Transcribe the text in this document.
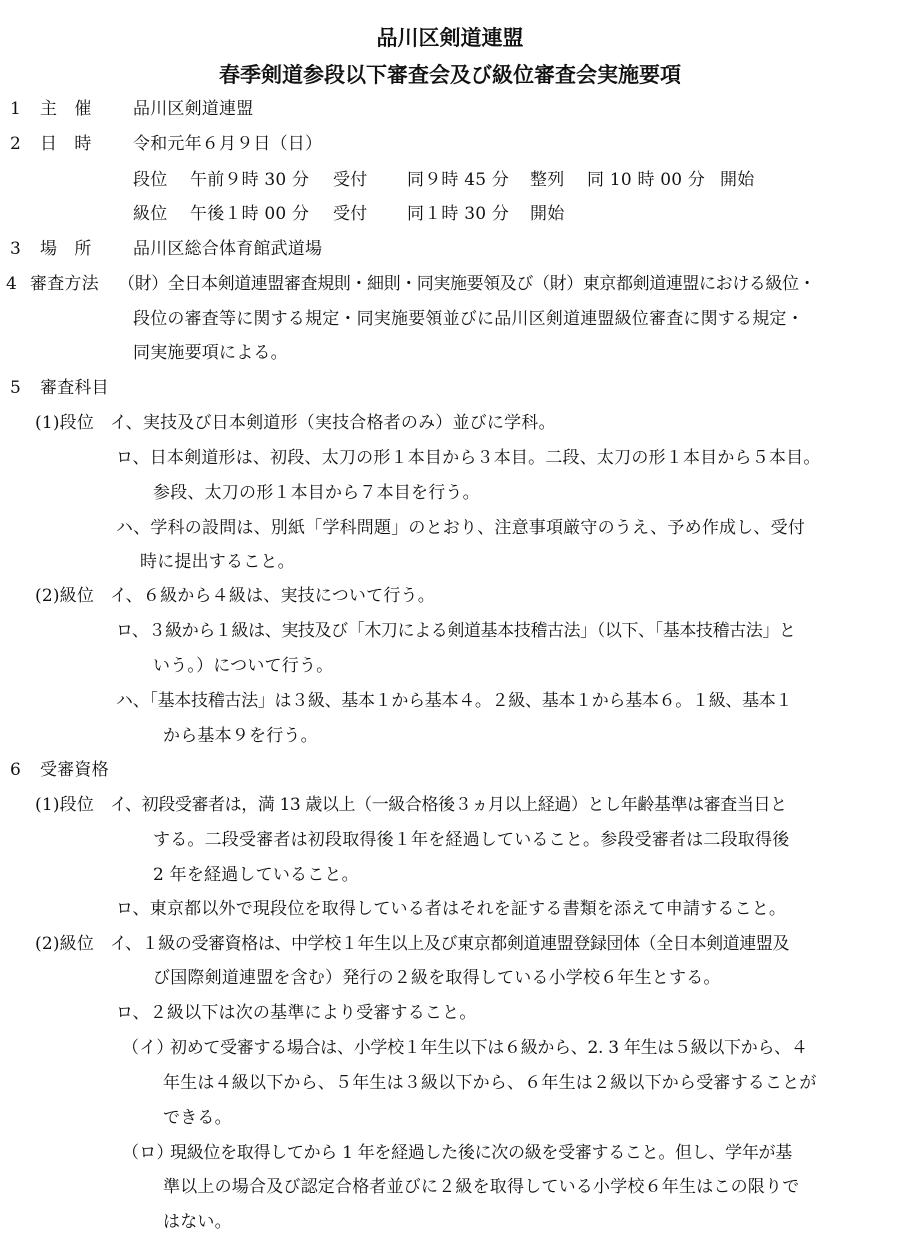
品川区剣道連盟
春季剣道参段以下審査会及び級位審査会実施要項
1 主　催 品川区剣道連盟
2 日　時 令和元年６月９日（日）
段位 午前９時 30 分 受付 同９時 45 分 整列 同 10 時 00 分 開始
級位 午後１時 00 分 受付 同１時 30 分 開始
3 場　所 品川区総合体育館武道場
4 審査方法 （財）全日本剣道連盟審査規則・細則・同実施要領及び（財）東京都剣道連盟における級位・
段位の審査等に関する規定・同実施要領並びに品川区剣道連盟級位審査に関する規定・
同実施要項による。
5 審査科目
(1)段位 イ、実技及び日本剣道形（実技合格者のみ）並びに学科。
ロ、日本剣道形は、初段、太刀の形１本目から３本目。二段、太刀の形１本目から５本目。
参段、太刀の形１本目から７本目を行う。
ハ、学科の設問は、別紙「学科問題」のとおり、注意事項厳守のうえ、予め作成し、受付
時に提出すること。
(2)級位 イ、６級から４級は、実技について行う。
ロ、３級から１級は、実技及び「木刀による剣道基本技稽古法」（以下、「基本技稽古法」と
いう。）について行う。
ハ、「基本技稽古法」は３級、基本１から基本４。２級、基本１から基本６。１級、基本１
から基本９を行う。
6 受審資格
(1)段位 イ、初段受審者は，満 13 歳以上（一級合格後３ヵ月以上経過）とし年齢基準は審査当日と
する。二段受審者は初段取得後１年を経過していること。参段受審者は二段取得後
2 年を経過していること。
ロ、東京都以外で現段位を取得している者はそれを証する書類を添えて申請すること。
(2)級位 イ、１級の受審資格は、中学校１年生以上及び東京都剣道連盟登録団体（全日本剣道連盟及
び国際剣道連盟を含む）発行の２級を取得している小学校６年生とする。
ロ、２級以下は次の基準により受審すること。
（イ）
初めて受審する場合は、小学校１年生以下は６級から、2. 3 年生は５級以下から、４
年生は４級以下から、５年生は３級以下から、６年生は２級以下から受審することが
できる。
（ロ）
現級位を取得してから 1 年を経過した後に次の級を受審すること。但し、学年が基
準以上の場合及び認定合格者並びに２級を取得している小学校６年生はこの限りで
はない。
